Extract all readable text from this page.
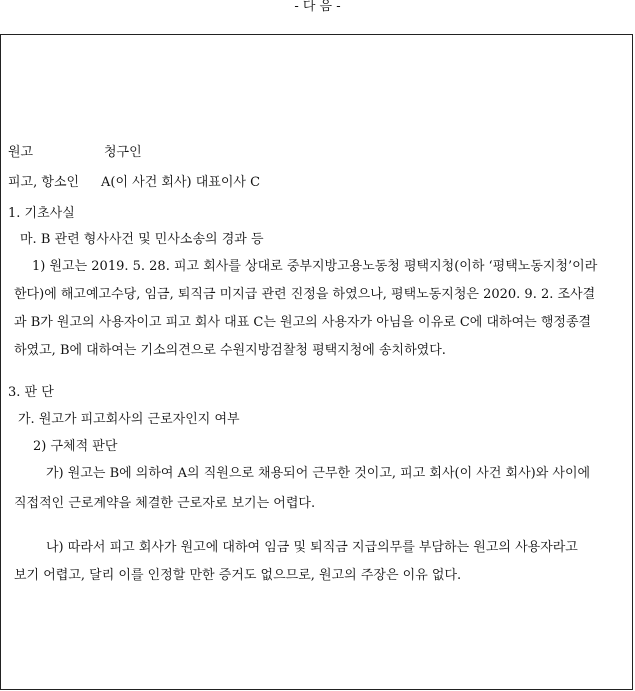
- 다 음 -
원고	청구인
피고, 항소인 A(이 사건 회사) 대표이사 C
1. 기초사실
마. B 관련 형사사건 및 민사소송의 경과 등
1) 원고는 2019. 5. 28. 피고 회사를 상대로 중부지방고용노동청 평택지청(이하 ‘평택노동지청’이라
한다)에 해고예고수당, 임금, 퇴직금 미지급 관련 진정을 하였으나, 평택노동지청은 2020. 9. 2. 조사결
과 B가 원고의 사용자이고 피고 회사 대표 C는 원고의 사용자가 아님을 이유로 C에 대하여는 행정종결
하였고, B에 대하여는 기소의견으로 수원지방검찰청 평택지청에 송치하였다.
3. 판 단
가. 원고가 피고회사의 근로자인지 여부
2) 구체적 판단
가) 원고는 B에 의하여 A의 직원으로 채용되어 근무한 것이고, 피고 회사(이 사건 회사)와 사이에
직접적인 근로계약을 체결한 근로자로 보기는 어렵다.
나) 따라서 피고 회사가 원고에 대하여 임금 및 퇴직금 지급의무를 부담하는 원고의 사용자라고
보기 어렵고, 달리 이를 인정할 만한 증거도 없으므로, 원고의 주장은 이유 없다.
